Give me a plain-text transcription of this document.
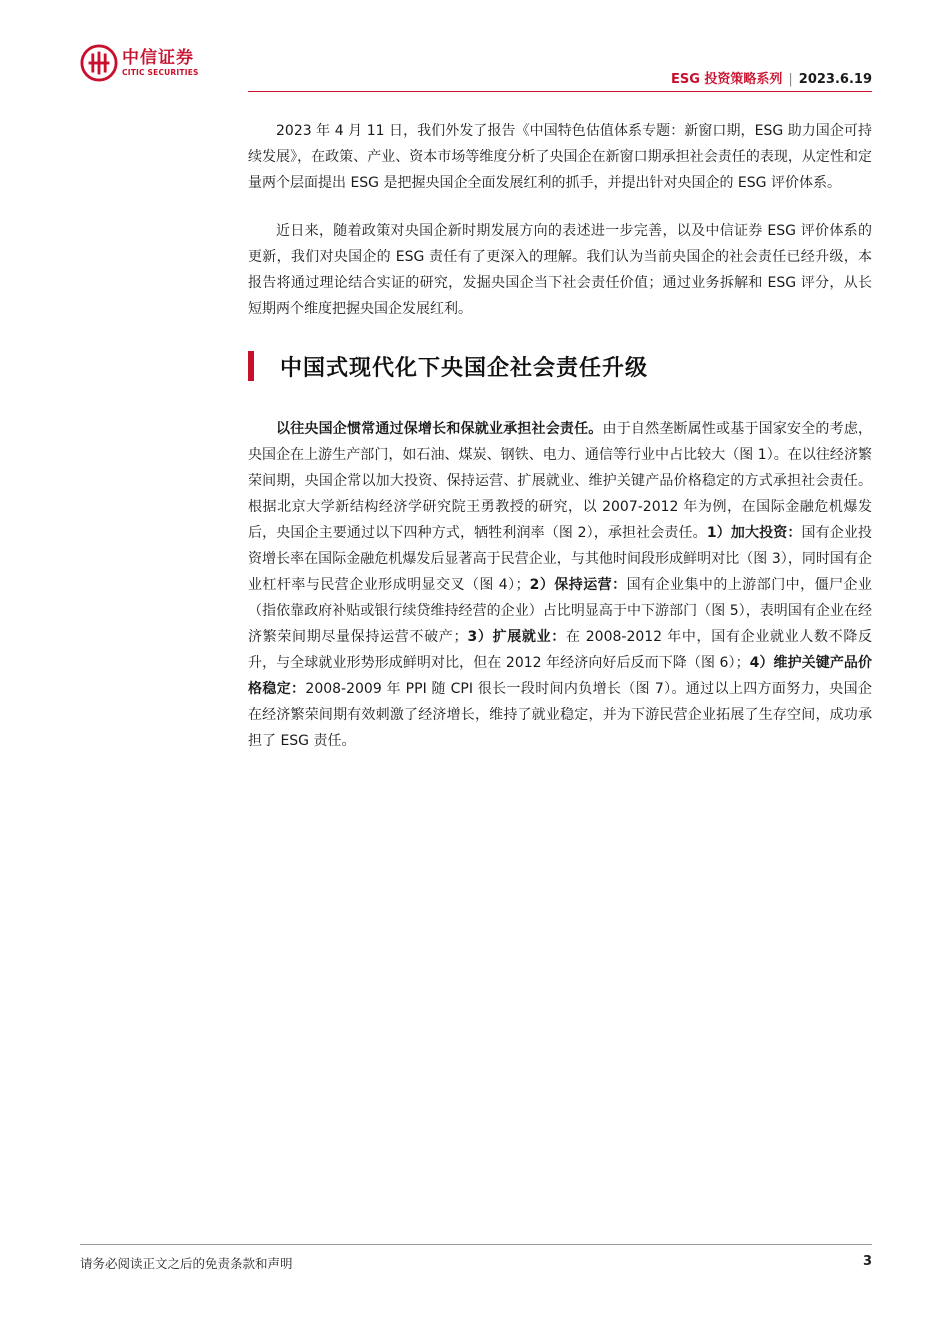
中信证券
CITIC SECURITIES	ESG 投资策略系列 | 2023.6.19

2023 年 4 月 11 日，我们外发了报告《中国特色估值体系专题：新窗口期，ESG 助力国企可持续发展》，在政策、产业、资本市场等维度分析了央国企在新窗口期承担社会责任的表现，从定性和定量两个层面提出 ESG 是把握央国企全面发展红利的抓手，并提出针对央国企的 ESG 评价体系。

近日来，随着政策对央国企新时期发展方向的表述进一步完善，以及中信证券 ESG 评价体系的更新，我们对央国企的 ESG 责任有了更深入的理解。我们认为当前央国企的社会责任已经升级，本报告将通过理论结合实证的研究，发掘央国企当下社会责任价值；通过业务拆解和 ESG 评分，从长短期两个维度把握央国企发展红利。

中国式现代化下央国企社会责任升级

以往央国企惯常通过保增长和保就业承担社会责任。由于自然垄断属性或基于国家安全的考虑，央国企在上游生产部门，如石油、煤炭、钢铁、电力、通信等行业中占比较大（图 1）。在以往经济繁荣间期，央国企常以加大投资、保持运营、扩展就业、维护关键产品价格稳定的方式承担社会责任。根据北京大学新结构经济学研究院王勇教授的研究，以 2007-2012 年为例，在国际金融危机爆发后，央国企主要通过以下四种方式，牺牲利润率（图 2），承担社会责任。1）加大投资：国有企业投资增长率在国际金融危机爆发后显著高于民营企业，与其他时间段形成鲜明对比（图 3），同时国有企业杠杆率与民营企业形成明显交叉（图 4）；2）保持运营：国有企业集中的上游部门中，僵尸企业（指依靠政府补贴或银行续贷维持经营的企业）占比明显高于中下游部门（图 5），表明国有企业在经济繁荣间期尽量保持运营不破产；3）扩展就业：在 2008-2012 年中，国有企业就业人数不降反升，与全球就业形势形成鲜明对比，但在 2012 年经济向好后反而下降（图 6）；4）维护关键产品价格稳定：2008-2009 年 PPI 随 CPI 很长一段时间内负增长（图 7）。通过以上四方面努力，央国企在经济繁荣间期有效刺激了经济增长，维持了就业稳定，并为下游民营企业拓展了生存空间，成功承担了 ESG 责任。

请务必阅读正文之后的免责条款和声明	3
